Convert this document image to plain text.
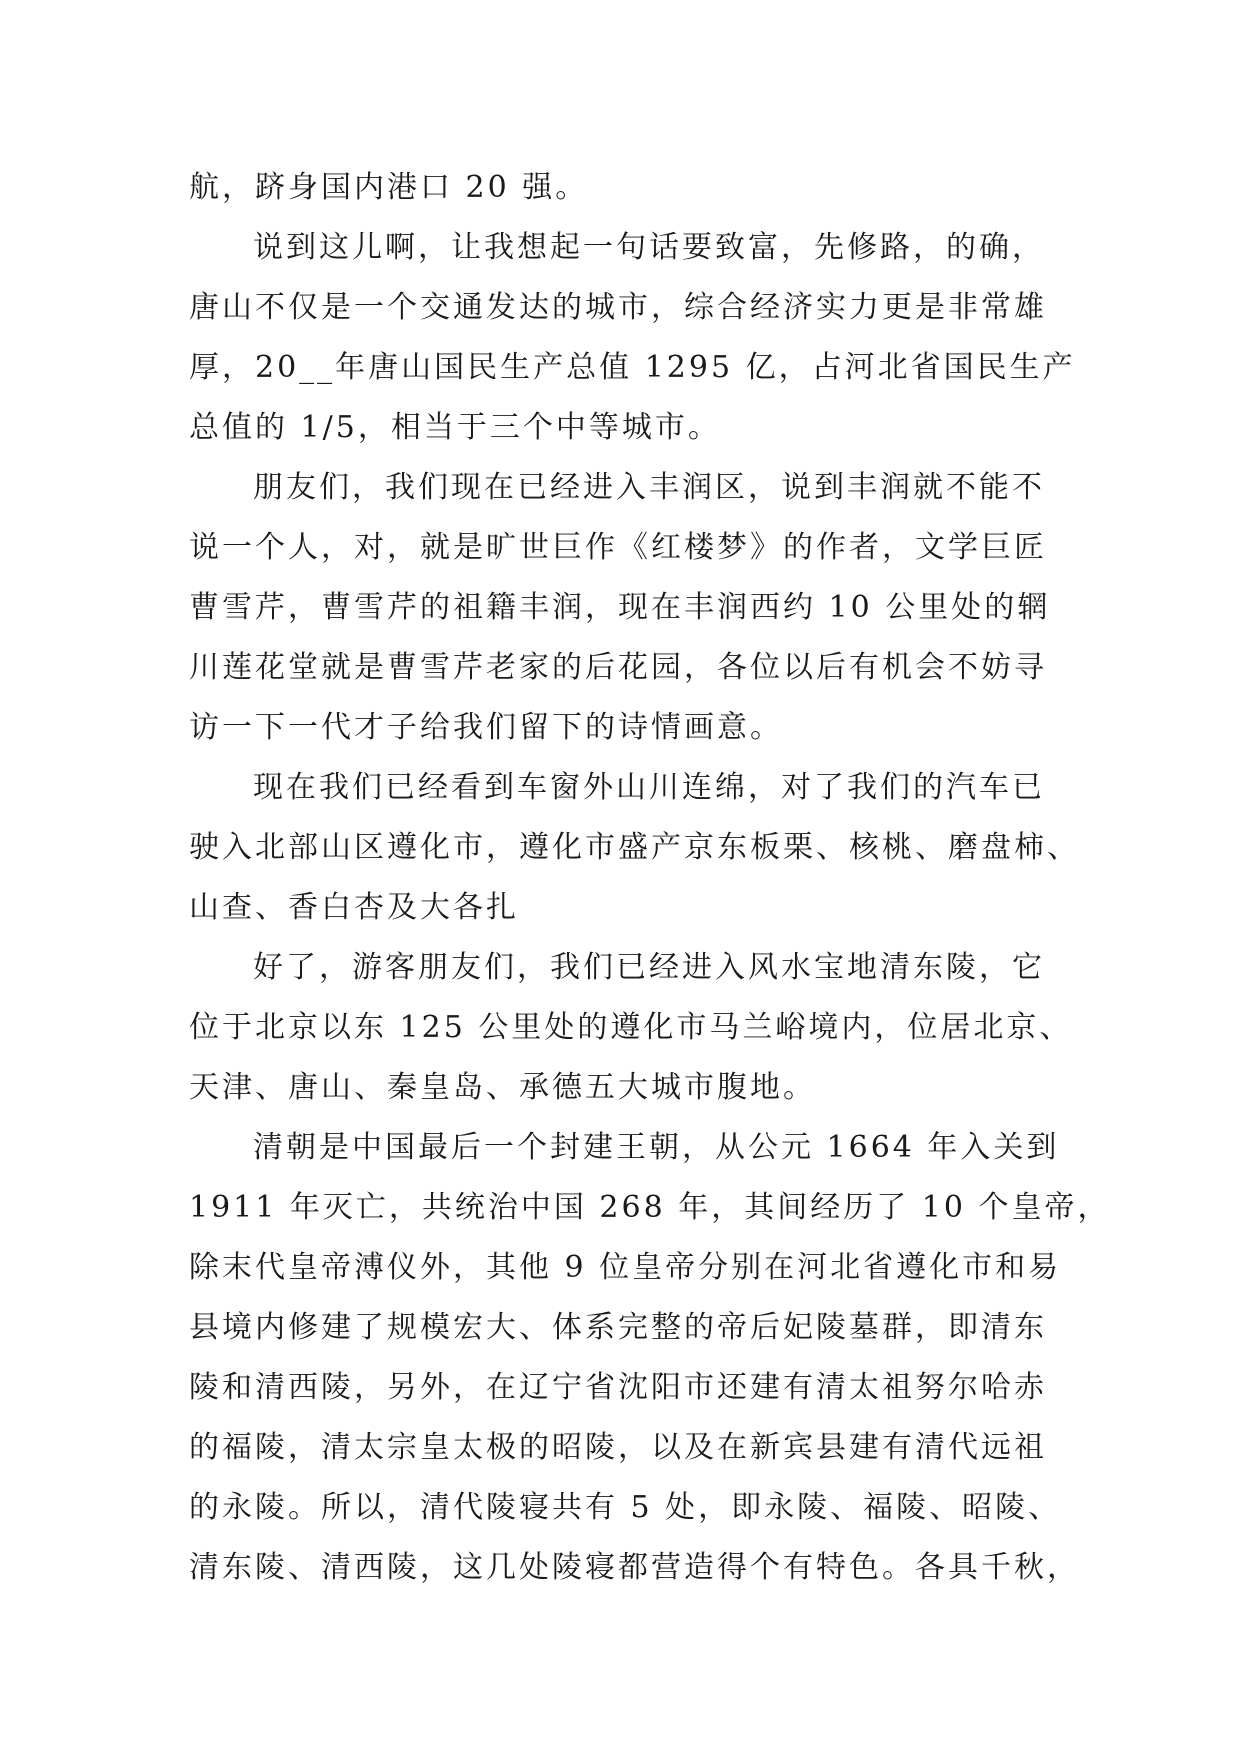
航，跻身国内港口 20 强。
说到这儿啊，让我想起一句话要致富，先修路，的确，
唐山不仅是一个交通发达的城市，综合经济实力更是非常雄
厚，20__年唐山国民生产总值 1295 亿，占河北省国民生产
总值的 1/5，相当于三个中等城市。
朋友们，我们现在已经进入丰润区，说到丰润就不能不
说一个人，对，就是旷世巨作《红楼梦》的作者，文学巨匠
曹雪芹，曹雪芹的祖籍丰润，现在丰润西约 10 公里处的辋
川莲花堂就是曹雪芹老家的后花园，各位以后有机会不妨寻
访一下一代才子给我们留下的诗情画意。
现在我们已经看到车窗外山川连绵，对了我们的汽车已
驶入北部山区遵化市，遵化市盛产京东板栗、核桃、磨盘柿、
山查、香白杏及大各扎
好了，游客朋友们，我们已经进入风水宝地清东陵，它
位于北京以东 125 公里处的遵化市马兰峪境内，位居北京、
天津、唐山、秦皇岛、承德五大城市腹地。
清朝是中国最后一个封建王朝，从公元 1664 年入关到
1911 年灭亡，共统治中国 268 年，其间经历了 10 个皇帝，
除末代皇帝溥仪外，其他 9 位皇帝分别在河北省遵化市和易
县境内修建了规模宏大、体系完整的帝后妃陵墓群，即清东
陵和清西陵，另外，在辽宁省沈阳市还建有清太祖努尔哈赤
的福陵，清太宗皇太极的昭陵，以及在新宾县建有清代远祖
的永陵。所以，清代陵寝共有 5 处，即永陵、福陵、昭陵、
清东陵、清西陵，这几处陵寝都营造得个有特色。各具千秋，
